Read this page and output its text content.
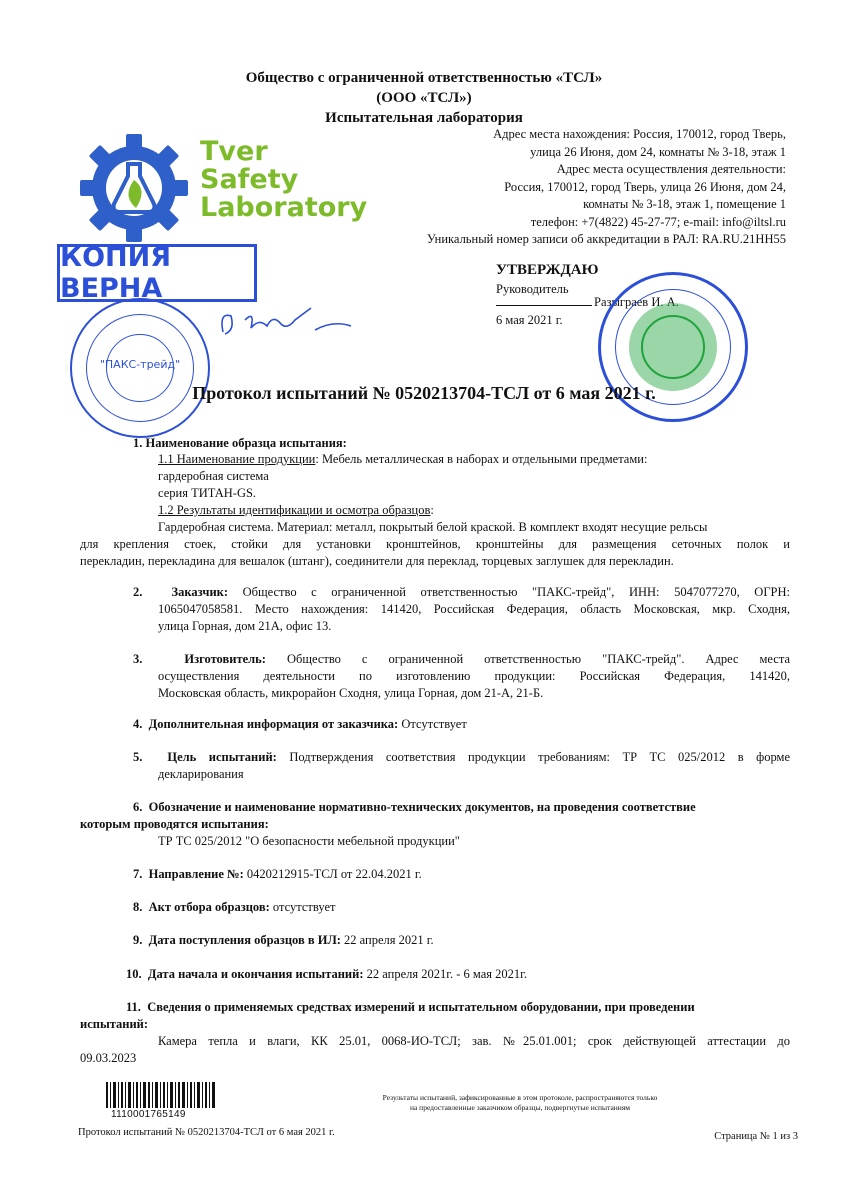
Общество с ограниченной ответственностью «ТСЛ»
(ООО «ТСЛ»)
Испытательная лаборатория
Адрес места нахождения: Россия, 170012, город Тверь,
улица 26 Июня, дом 24, комнаты № 3-18, этаж 1
Адрес места осуществления деятельности:
Россия, 170012, город Тверь, улица 26 Июня, дом 24,
комнаты № 3-18, этаж 1, помещение 1
телефон: +7(4822) 45-27-77; e-mail: info@iltsl.ru
Уникальный номер записи об аккредитации в РАЛ: RA.RU.21НН55
Tver
Safety
Laboratory
КОПИЯ ВЕРНА
"ПАКС-трейд"
УТВЕРЖДАЮ
Руководитель
Разыграев И. А.
6 мая 2021 г.
Протокол испытаний № 0520213704-ТСЛ от 6 мая 2021 г.
1. Наименование образца испытания:
1.1 Наименование продукции: Мебель металлическая в наборах и отдельными предметами:
гардеробная система
серия ТИТАН-GS.
1.2 Результаты идентификации и осмотра образцов:
Гардеробная система. Материал: металл, покрытый белой краской. В комплект входят несущие рельсы
для крепления стоек, стойки для установки кронштейнов, кронштейны для размещения сеточных полок и
перекладин, перекладина для вешалок (штанг), соединители для переклад, торцевых заглушек для перекладин.
2. Заказчик: Общество с ограниченной ответственностью "ПАКС-трейд", ИНН: 5047077270, ОГРН:
1065047058581. Место нахождения: 141420, Российская Федерация, область Московская, мкр. Сходня,
улица Горная, дом 21А, офис 13.
3.	Изготовитель: Общество с ограниченной ответственностью "ПАКС-трейд". Адрес места
осуществления деятельности по изготовлению продукции: Российская Федерация, 141420,
Московская область, микрорайон Сходня, улица Горная, дом 21-А, 21-Б.
4. Дополнительная информация от заказчика: Отсутствует
5. Цель испытаний: Подтверждения соответствия продукции требованиям: ТР ТС 025/2012 в форме
декларирования
6. Обозначение и наименование нормативно-технических документов, на проведения соответствие
которым проводятся испытания:
ТР ТС 025/2012 "О безопасности мебельной продукции"
7. Направление №: 0420212915-ТСЛ от 22.04.2021 г.
8. Акт отбора образцов: отсутствует
9. Дата поступления образцов в ИЛ: 22 апреля 2021 г.
10. Дата начала и окончания испытаний: 22 апреля 2021г. - 6 мая 2021г.
11. Сведения о применяемых средствах измерений и испытательном оборудовании, при проведении
испытаний:
Камера тепла и влаги, КК 25.01, 0068-ИО-ТСЛ; зав. №25.01.001; срок действующей аттестации до
09.03.2023
1110001765149
Протокол испытаний № 0520213704-ТСЛ от 6 мая 2021 г.
Результаты испытаний, зафиксированные в этом протоколе, распространяются только
на предоставленные заказчиком образцы, подвергнутые испытаниям
Страница № 1 из 3
